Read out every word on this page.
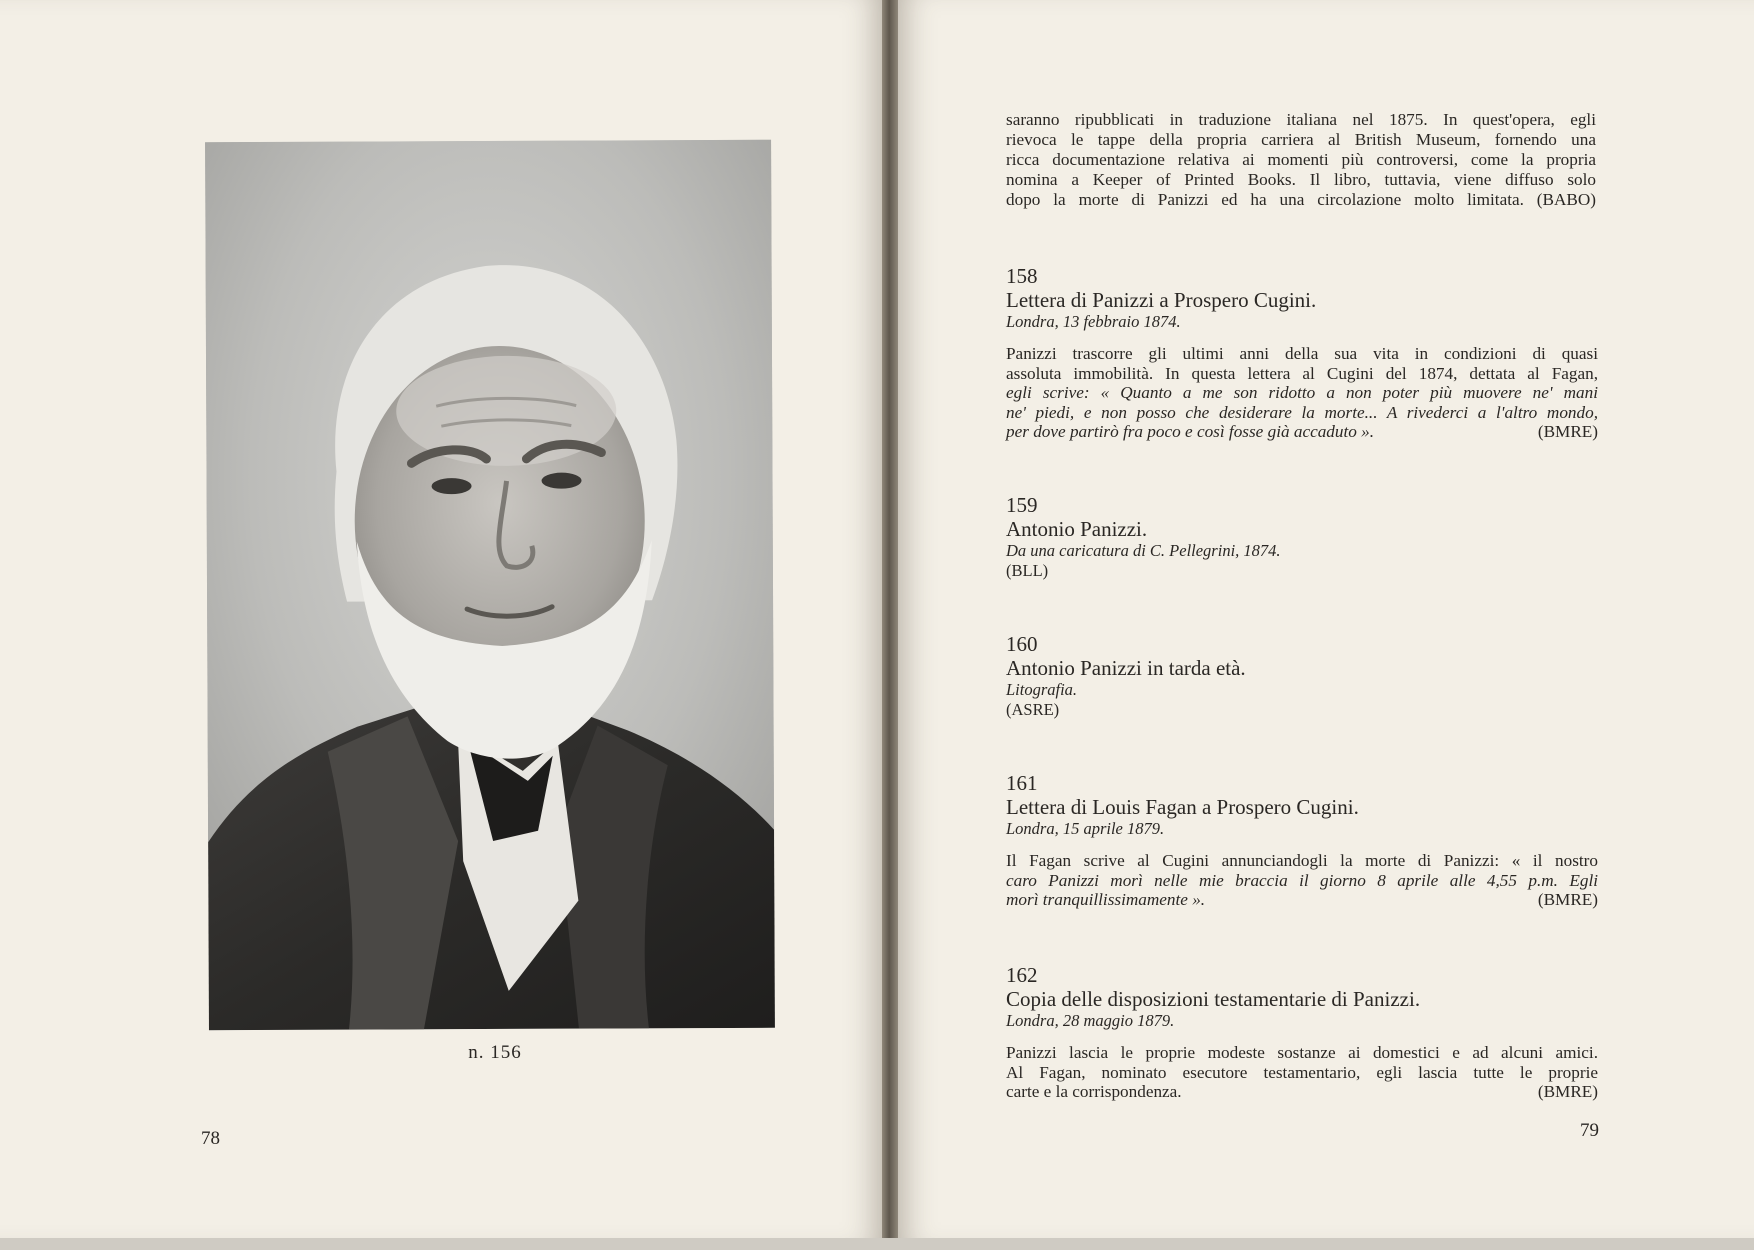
n. 156
78

saranno ripubblicati in traduzione italiana nel 1875. In quest'opera, egli

rievoca le tappe della propria carriera al British Museum, fornendo una

ricca documentazione relativa ai momenti più controversi, come la propria

nomina a Keeper of Printed Books. Il libro, tuttavia, viene diffuso solo

dopo la morte di Panizzi ed ha una circolazione molto limitata. (BABO)

158
Lettera di Panizzi a Prospero Cugini.
Londra, 13 febbraio 1874.

Panizzi trascorre gli ultimi anni della sua vita in condizioni di quasi

assoluta immobilità. In questa lettera al Cugini del 1874, dettata al Fagan,

egli scrive: « Quanto a me son ridotto a non poter più muovere ne' mani

ne' piedi, e non posso che desiderare la morte... A rivederci a l'altro mondo,

per dove partirò fra poco e così fosse già accaduto ».	(BMRE)
159
Antonio Panizzi.
Da una caricatura di C. Pellegrini, 1874.
(BLL)
160
Antonio Panizzi in tarda età.
Litografia.
(ASRE)
161
Lettera di Louis Fagan a Prospero Cugini.
Londra, 15 aprile 1879.

Il Fagan scrive al Cugini annunciandogli la morte di Panizzi: « il nostro

caro Panizzi morì nelle mie braccia il giorno 8 aprile alle 4,55 p.m. Egli

morì tranquillissimamente ».	(BMRE)
162
Copia delle disposizioni testamentarie di Panizzi.
Londra, 28 maggio 1879.

Panizzi lascia le proprie modeste sostanze ai domestici e ad alcuni amici.

Al Fagan, nominato esecutore testamentario, egli lascia tutte le proprie

carte e la corrispondenza.	(BMRE)
79
